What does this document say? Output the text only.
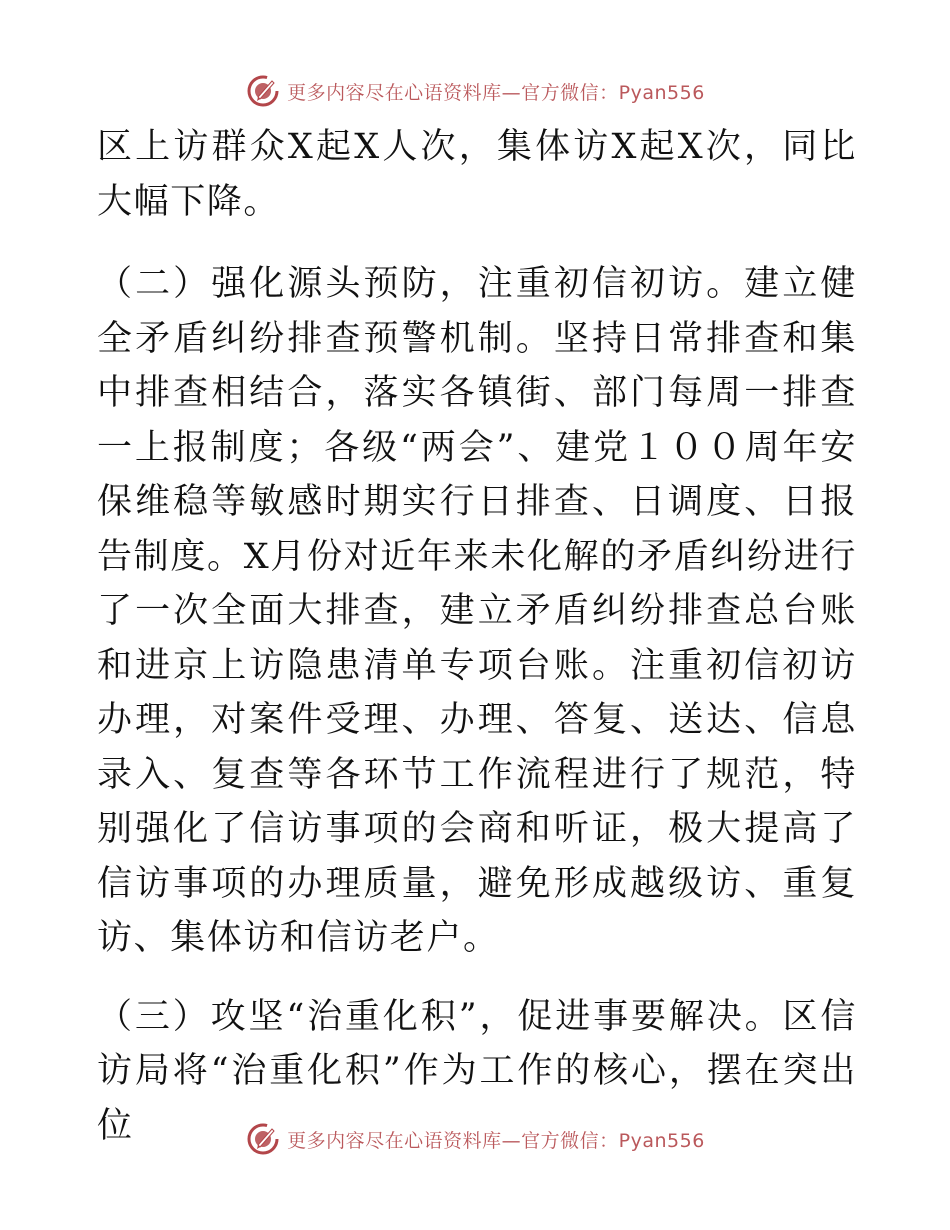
更多内容尽在心语资料库—官方微信：Pyan556

区上访群众X起X人次，集体访X起X次，同比大幅下降。

（二）强化源头预防，注重初信初访。建立健全矛盾纠纷排查预警机制。坚持日常排查和集中排查相结合，落实各镇街、部门每周一排查一上报制度；各级“两会”、建党１００周年安保维稳等敏感时期实行日排查、日调度、日报告制度。X月份对近年来未化解的矛盾纠纷进行了一次全面大排查，建立矛盾纠纷排查总台账和进京上访隐患清单专项台账。注重初信初访办理，对案件受理、办理、答复、送达、信息录入、复查等各环节工作流程进行了规范，特别强化了信访事项的会商和听证，极大提高了信访事项的办理质量，避免形成越级访、重复访、集体访和信访老户。

（三）攻坚“治重化积”，促进事要解决。区信访局将“治重化积”作为工作的核心，摆在突出位	更多内容尽在心语资料库—官方微信：Pyan556
